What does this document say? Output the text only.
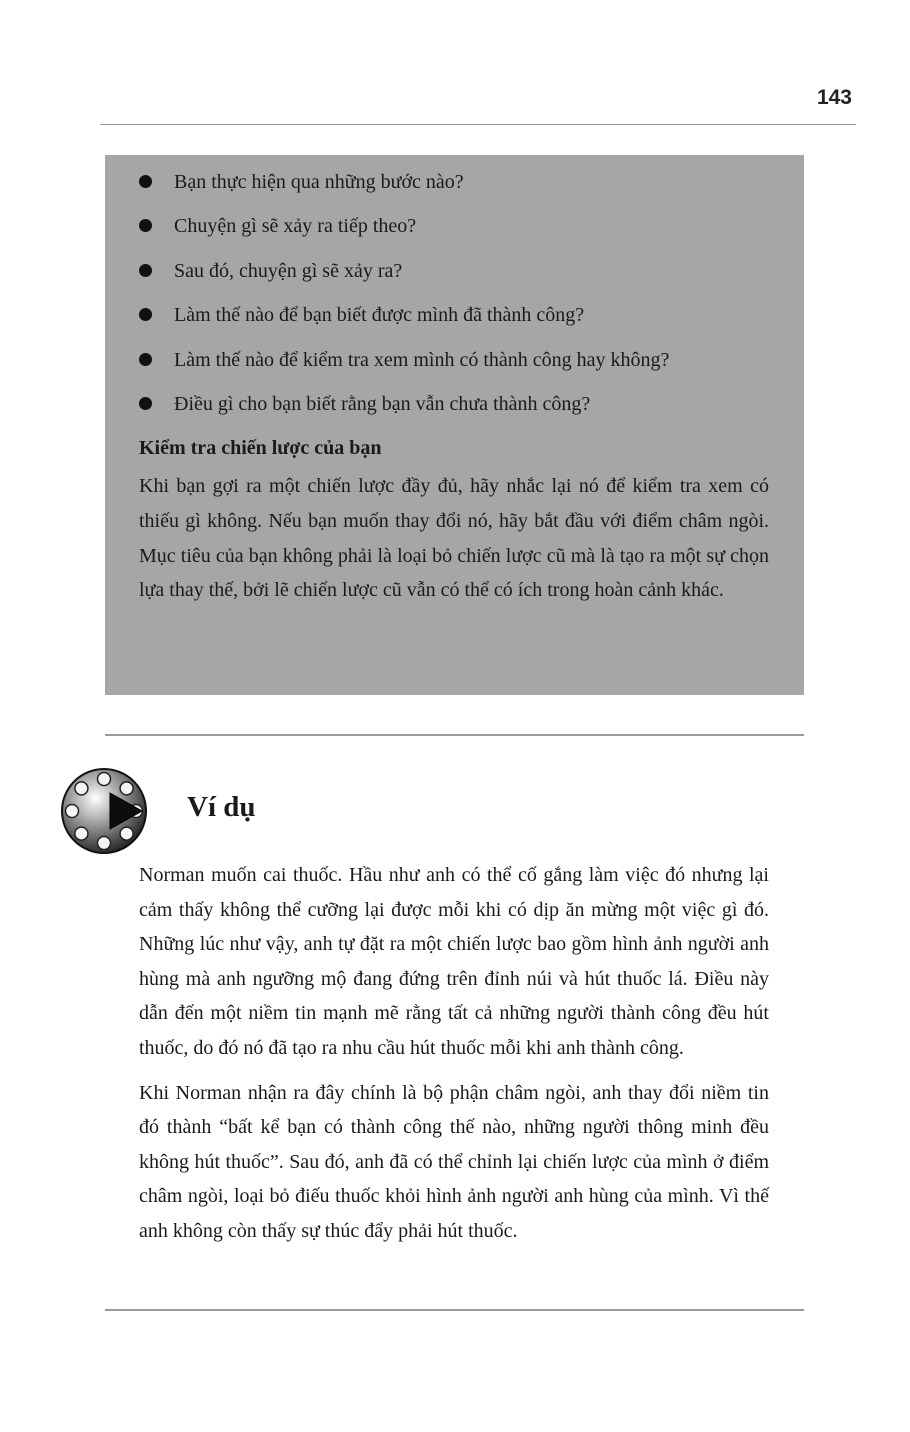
143
Bạn thực hiện qua những bước nào?
Chuyện gì sẽ xảy ra tiếp theo?
Sau đó, chuyện gì sẽ xảy ra?
Làm thế nào để bạn biết được mình đã thành công?
Làm thế nào để kiểm tra xem mình có thành công hay không?
Điều gì cho bạn biết rằng bạn vẫn chưa thành công?
Kiểm tra chiến lược của bạn

Khi bạn gợi ra một chiến lược đầy đủ, hãy nhắc lại nó để kiểm tra xem có thiếu gì không. Nếu bạn muốn thay đổi nó, hãy bắt đầu với điểm châm ngòi. Mục tiêu của bạn không phải là loại bỏ chiến lược cũ mà là tạo ra một sự chọn lựa thay thế, bởi lẽ chiến lược cũ vẫn có thể có ích trong hoàn cảnh khác.

Ví dụ

Norman muốn cai thuốc. Hầu như anh có thể cố gắng làm việc đó nhưng lại cảm thấy không thể cưỡng lại được mỗi khi có dịp ăn mừng một việc gì đó. Những lúc như vậy, anh tự đặt ra một chiến lược bao gồm hình ảnh người anh hùng mà anh ngưỡng mộ đang đứng trên đỉnh núi và hút thuốc lá. Điều này dẫn đến một niềm tin mạnh mẽ rằng tất cả những người thành công đều hút thuốc, do đó nó đã tạo ra nhu cầu hút thuốc mỗi khi anh thành công.

Khi Norman nhận ra đây chính là bộ phận châm ngòi, anh thay đổi niềm tin đó thành “bất kể bạn có thành công thế nào, những người thông minh đều không hút thuốc”. Sau đó, anh đã có thể chỉnh lại chiến lược của mình ở điểm châm ngòi, loại bỏ điếu thuốc khỏi hình ảnh người anh hùng của mình. Vì thế anh không còn thấy sự thúc đẩy phải hút thuốc.
